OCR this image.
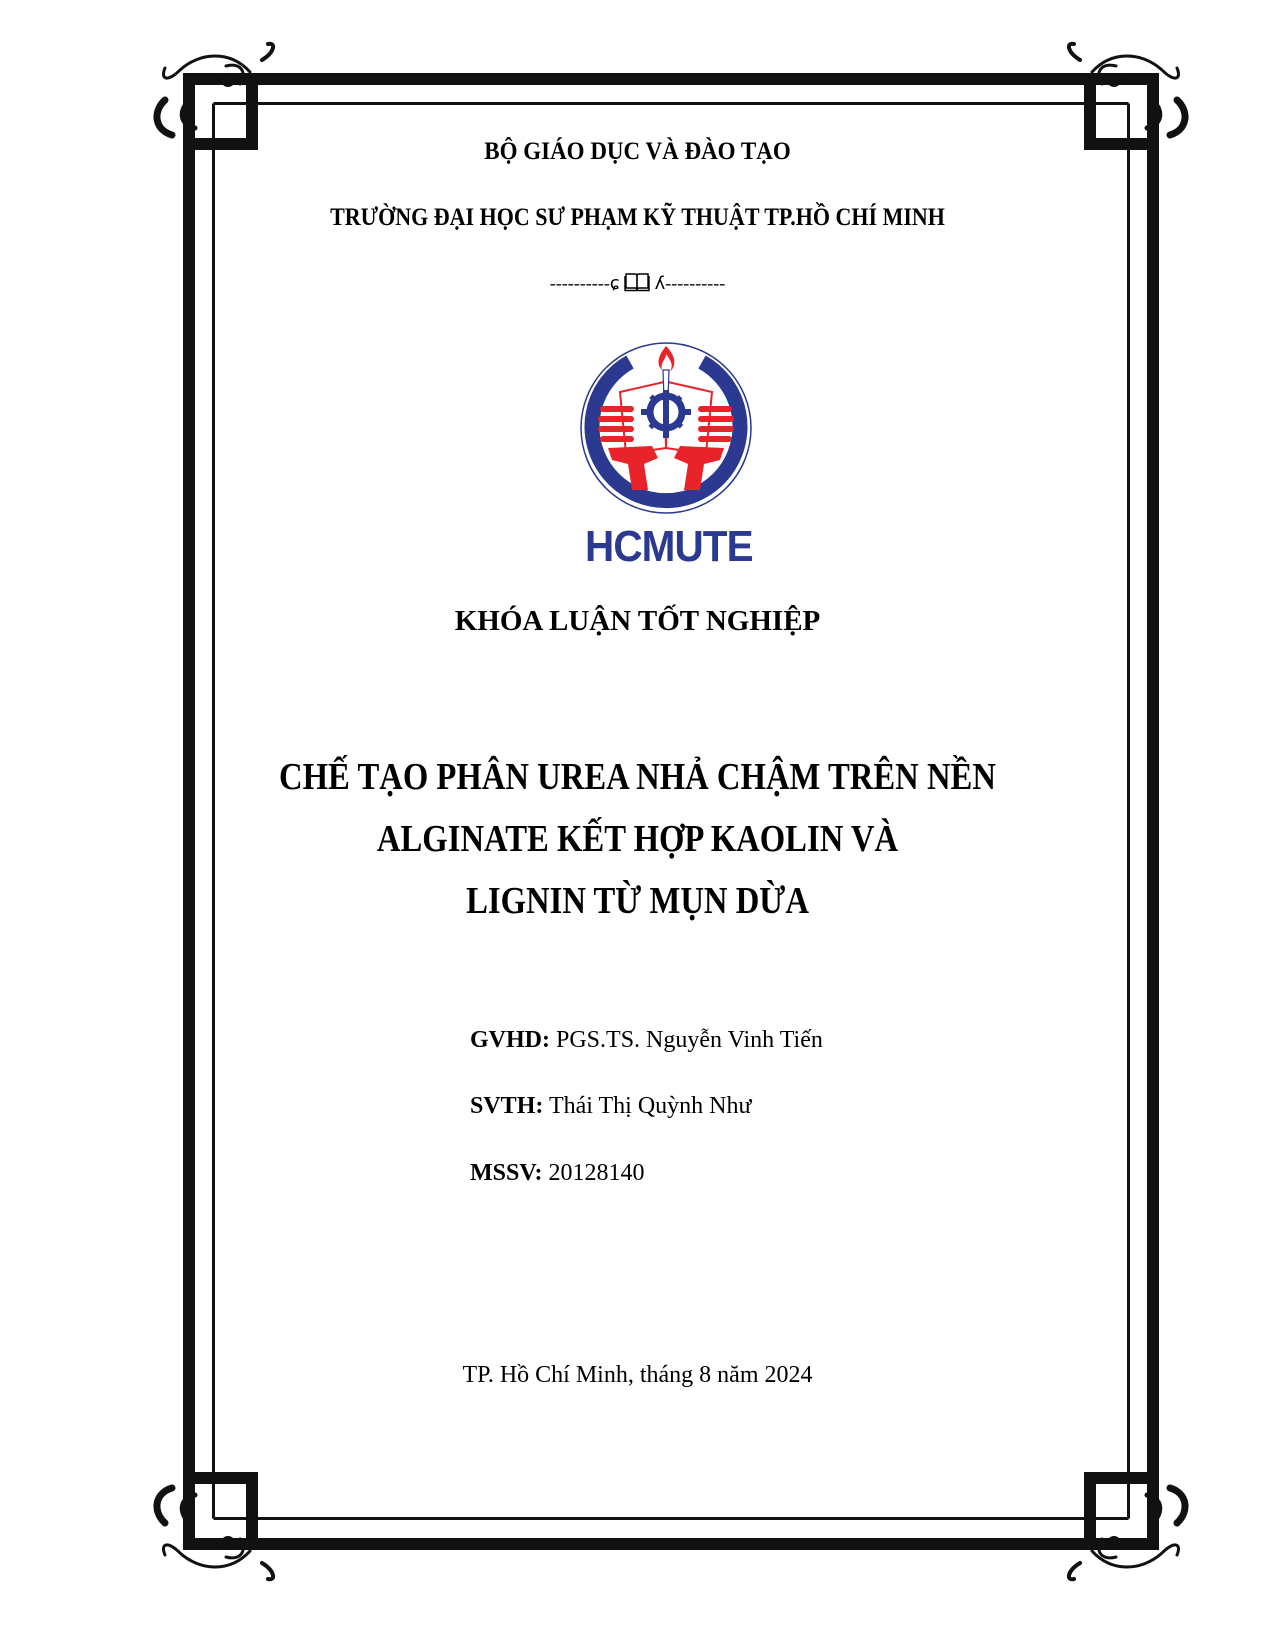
BỘ GIÁO DỤC VÀ ĐÀO TẠO
TRƯỜNG ĐẠI HỌC SƯ PHẠM KỸ THUẬT TP.HỒ CHÍ MINH
----------ɕ ʎ----------
HCMUTE
KHÓA LUẬN TỐT NGHIỆP
CHẾ TẠO PHÂN UREA NHẢ CHẬM TRÊN NỀN
ALGINATE KẾT HỢP KAOLIN VÀ
LIGNIN TỪ MỤN DỪA
GVHD: PGS.TS. Nguyễn Vinh Tiến
SVTH: Thái Thị Quỳnh Như
MSSV: 20128140
TP. Hồ Chí Minh, tháng 8 năm 2024
